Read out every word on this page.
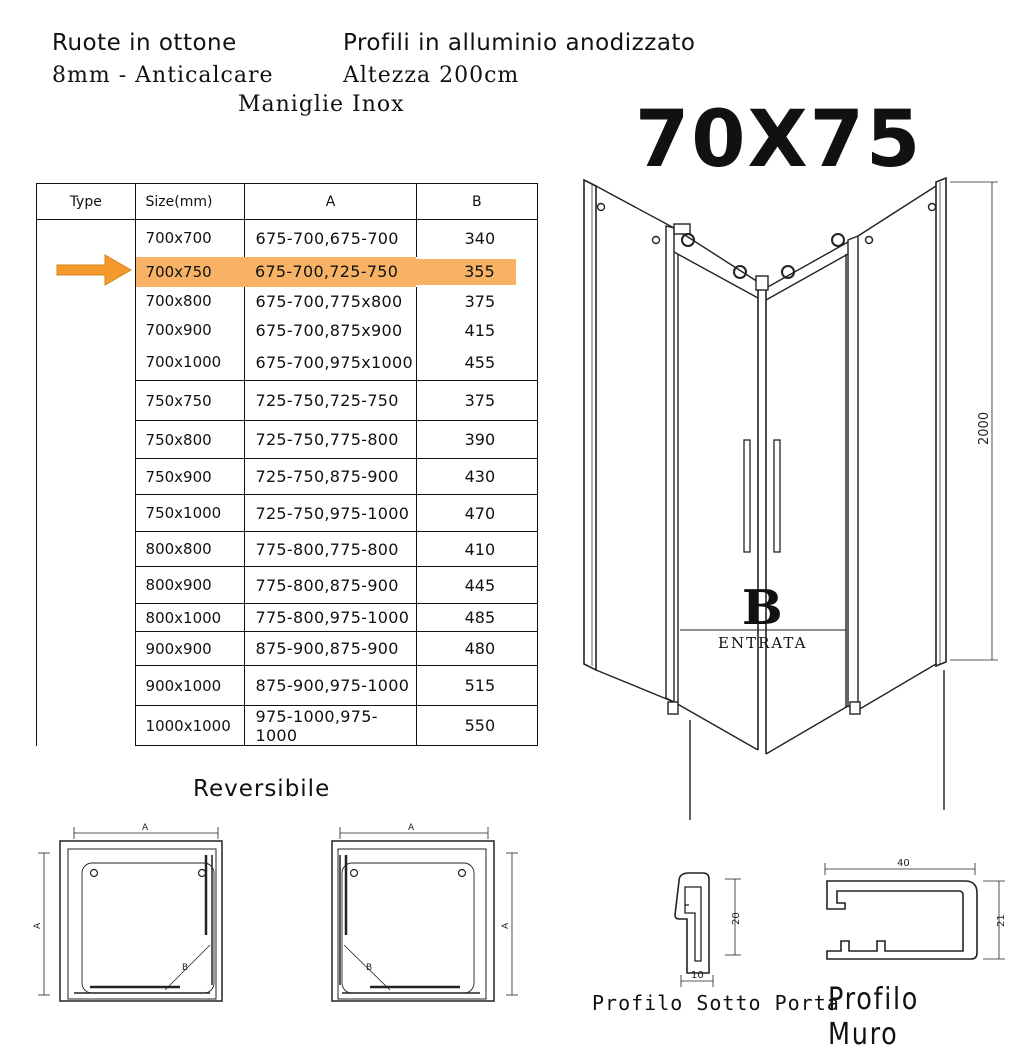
Ruote in ottone	Profili in alluminio anodizzato
8mm - Anticalcare	Altezza 200cm
Maniglie Inox	70X75
Type	Size(mm)	A	B
	700x700	675-700,675-700	340
	700x750	675-700,725-750	355

	700x800	675-700,775x800	375
	700x900	675-700,875x900	415
	700x1000	675-700,975x1000	455
	750x750	725-750,725-750	375
	750x800	725-750,775-800	390
	750x900	725-750,875-900	430
	750x1000	725-750,975-1000	470
	800x800	775-800,775-800	410
	800x900	775-800,875-900	445
	800x1000	775-800,975-1000	485
	900x900	875-900,875-900	480
	900x1000	875-900,975-1000	515
	1000x1000	975-1000,975-1000	550
Reversibile
A
A
B
A
A
B
2000
B
ENTRATA
20
10
40
21
Profilo Sotto Porta
Profilo Muro
